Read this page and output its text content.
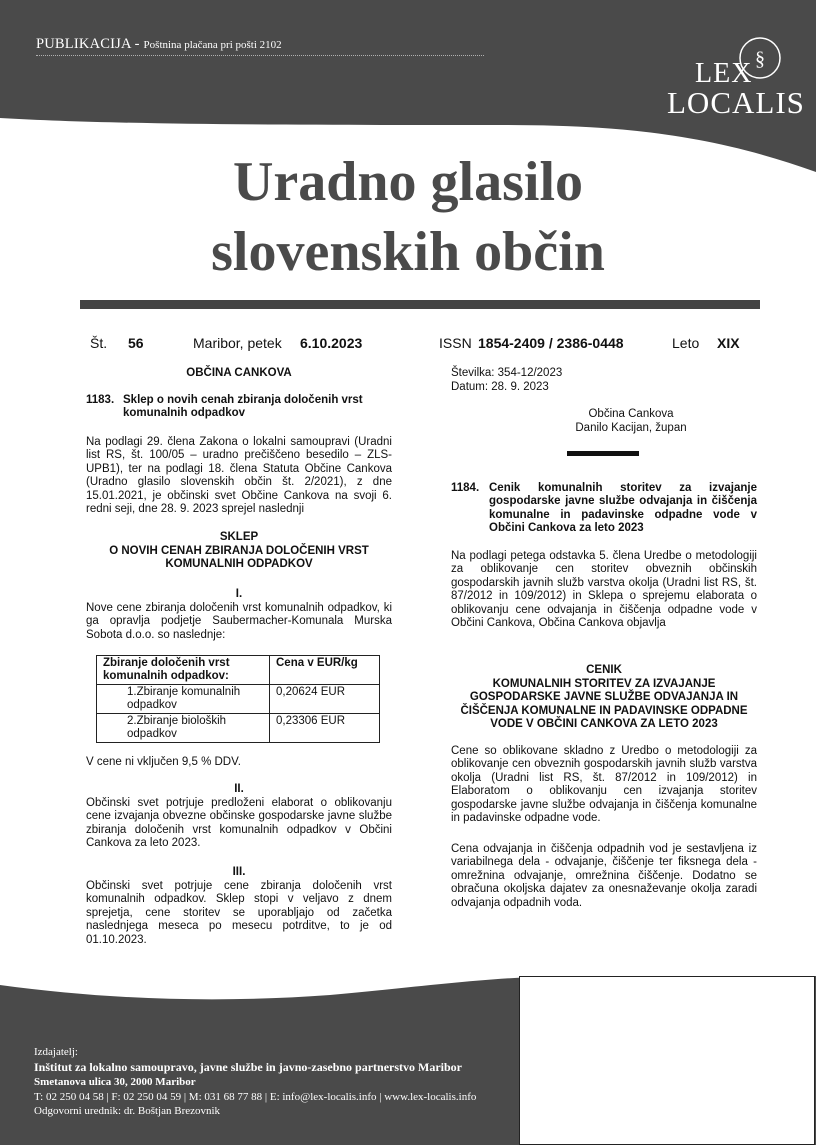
PUBLIKACIJA - Poštnina plačana pri pošti 2102
§
LEX
LOCALIS
Uradno glasilo
slovenskih občin
Št. 56	Maribor, petek 6.10.2023	ISSN 1854-2409 / 2386-0448	Leto XIX
OBČINA CANKOVA
1183. Sklep o novih cenah zbiranja določenih vrst komunalnih odpadkov
Na podlagi 29. člena Zakona o lokalni samoupravi (Uradni list RS, št. 100/05 – uradno prečiščeno besedilo – ZLS-UPB1), ter na podlagi 18. člena Statuta Občine Cankova (Uradno glasilo slovenskih občin št. 2/2021), z dne 15.01.2021, je občinski svet Občine Cankova na svoji 6. redni seji, dne 28. 9. 2023 sprejel naslednji
SKLEP
O NOVIH CENAH ZBIRANJA DOLOČENIH VRST KOMUNALNIH ODPADKOV
I.
Nove cene zbiranja določenih vrst komunalnih odpadkov, ki ga opravlja podjetje Saubermacher-Komunala Murska Sobota d.o.o. so naslednje:
Zbiranje določenih vrst komunalnih odpadkov:	Cena v EUR/kg
1.Zbiranje komunalnih odpadkov	0,20624 EUR
2.Zbiranje bioloških odpadkov	0,23306 EUR
V cene ni vključen 9,5 % DDV.
II.
Občinski svet potrjuje predloženi elaborat o oblikovanju cene izvajanja obvezne občinske gospodarske javne službe zbiranja določenih vrst komunalnih odpadkov v Občini Cankova za leto 2023.
III.
Občinski svet potrjuje cene zbiranja določenih vrst komunalnih odpadkov. Sklep stopi v veljavo z dnem sprejetja, cene storitev se uporabljajo od začetka naslednjega meseca po mesecu potrditve, to je od 01.10.2023.
Številka: 354-12/2023
Datum: 28. 9. 2023
Občina Cankova
Danilo Kacijan, župan
1184. Cenik komunalnih storitev za izvajanje gospodarske javne službe odvajanja in čiščenja komunalne in padavinske odpadne vode v Občini Cankova za leto 2023
Na podlagi petega odstavka 5. člena Uredbe o metodologiji za oblikovanje cen storitev obveznih občinskih gospodarskih javnih služb varstva okolja (Uradni list RS, št. 87/2012 in 109/2012) in Sklepa o sprejemu elaborata o oblikovanju cene odvajanja in čiščenja odpadne vode v Občini Cankova, Občina Cankova objavlja
CENIK
KOMUNALNIH STORITEV ZA IZVAJANJE GOSPODARSKE JAVNE SLUŽBE ODVAJANJA IN ČIŠČENJA KOMUNALNE IN PADAVINSKE ODPADNE VODE V OBČINI CANKOVA ZA LETO 2023
Cene so oblikovane skladno z Uredbo o metodologiji za oblikovanje cen obveznih gospodarskih javnih služb varstva okolja (Uradni list RS, št. 87/2012 in 109/2012) in Elaboratom o oblikovanju cen izvajanja storitev gospodarske javne službe odvajanja in čiščenja komunalne in padavinske odpadne vode.
Cena odvajanja in čiščenja odpadnih vod je sestavljena iz variabilnega dela - odvajanje, čiščenje ter fiksnega dela - omrežnina odvajanje, omrežnina čiščenje. Dodatno se obračuna okoljska dajatev za onesnaževanje okolja zaradi odvajanja odpadnih voda.
Izdajatelj:
Inštitut za lokalno samoupravo, javne službe in javno-zasebno partnerstvo Maribor
Smetanova ulica 30, 2000 Maribor
T: 02 250 04 58 | F: 02 250 04 59 | M: 031 68 77 88 | E: info@lex-localis.info | www.lex-localis.info
Odgovorni urednik: dr. Boštjan Brezovnik
